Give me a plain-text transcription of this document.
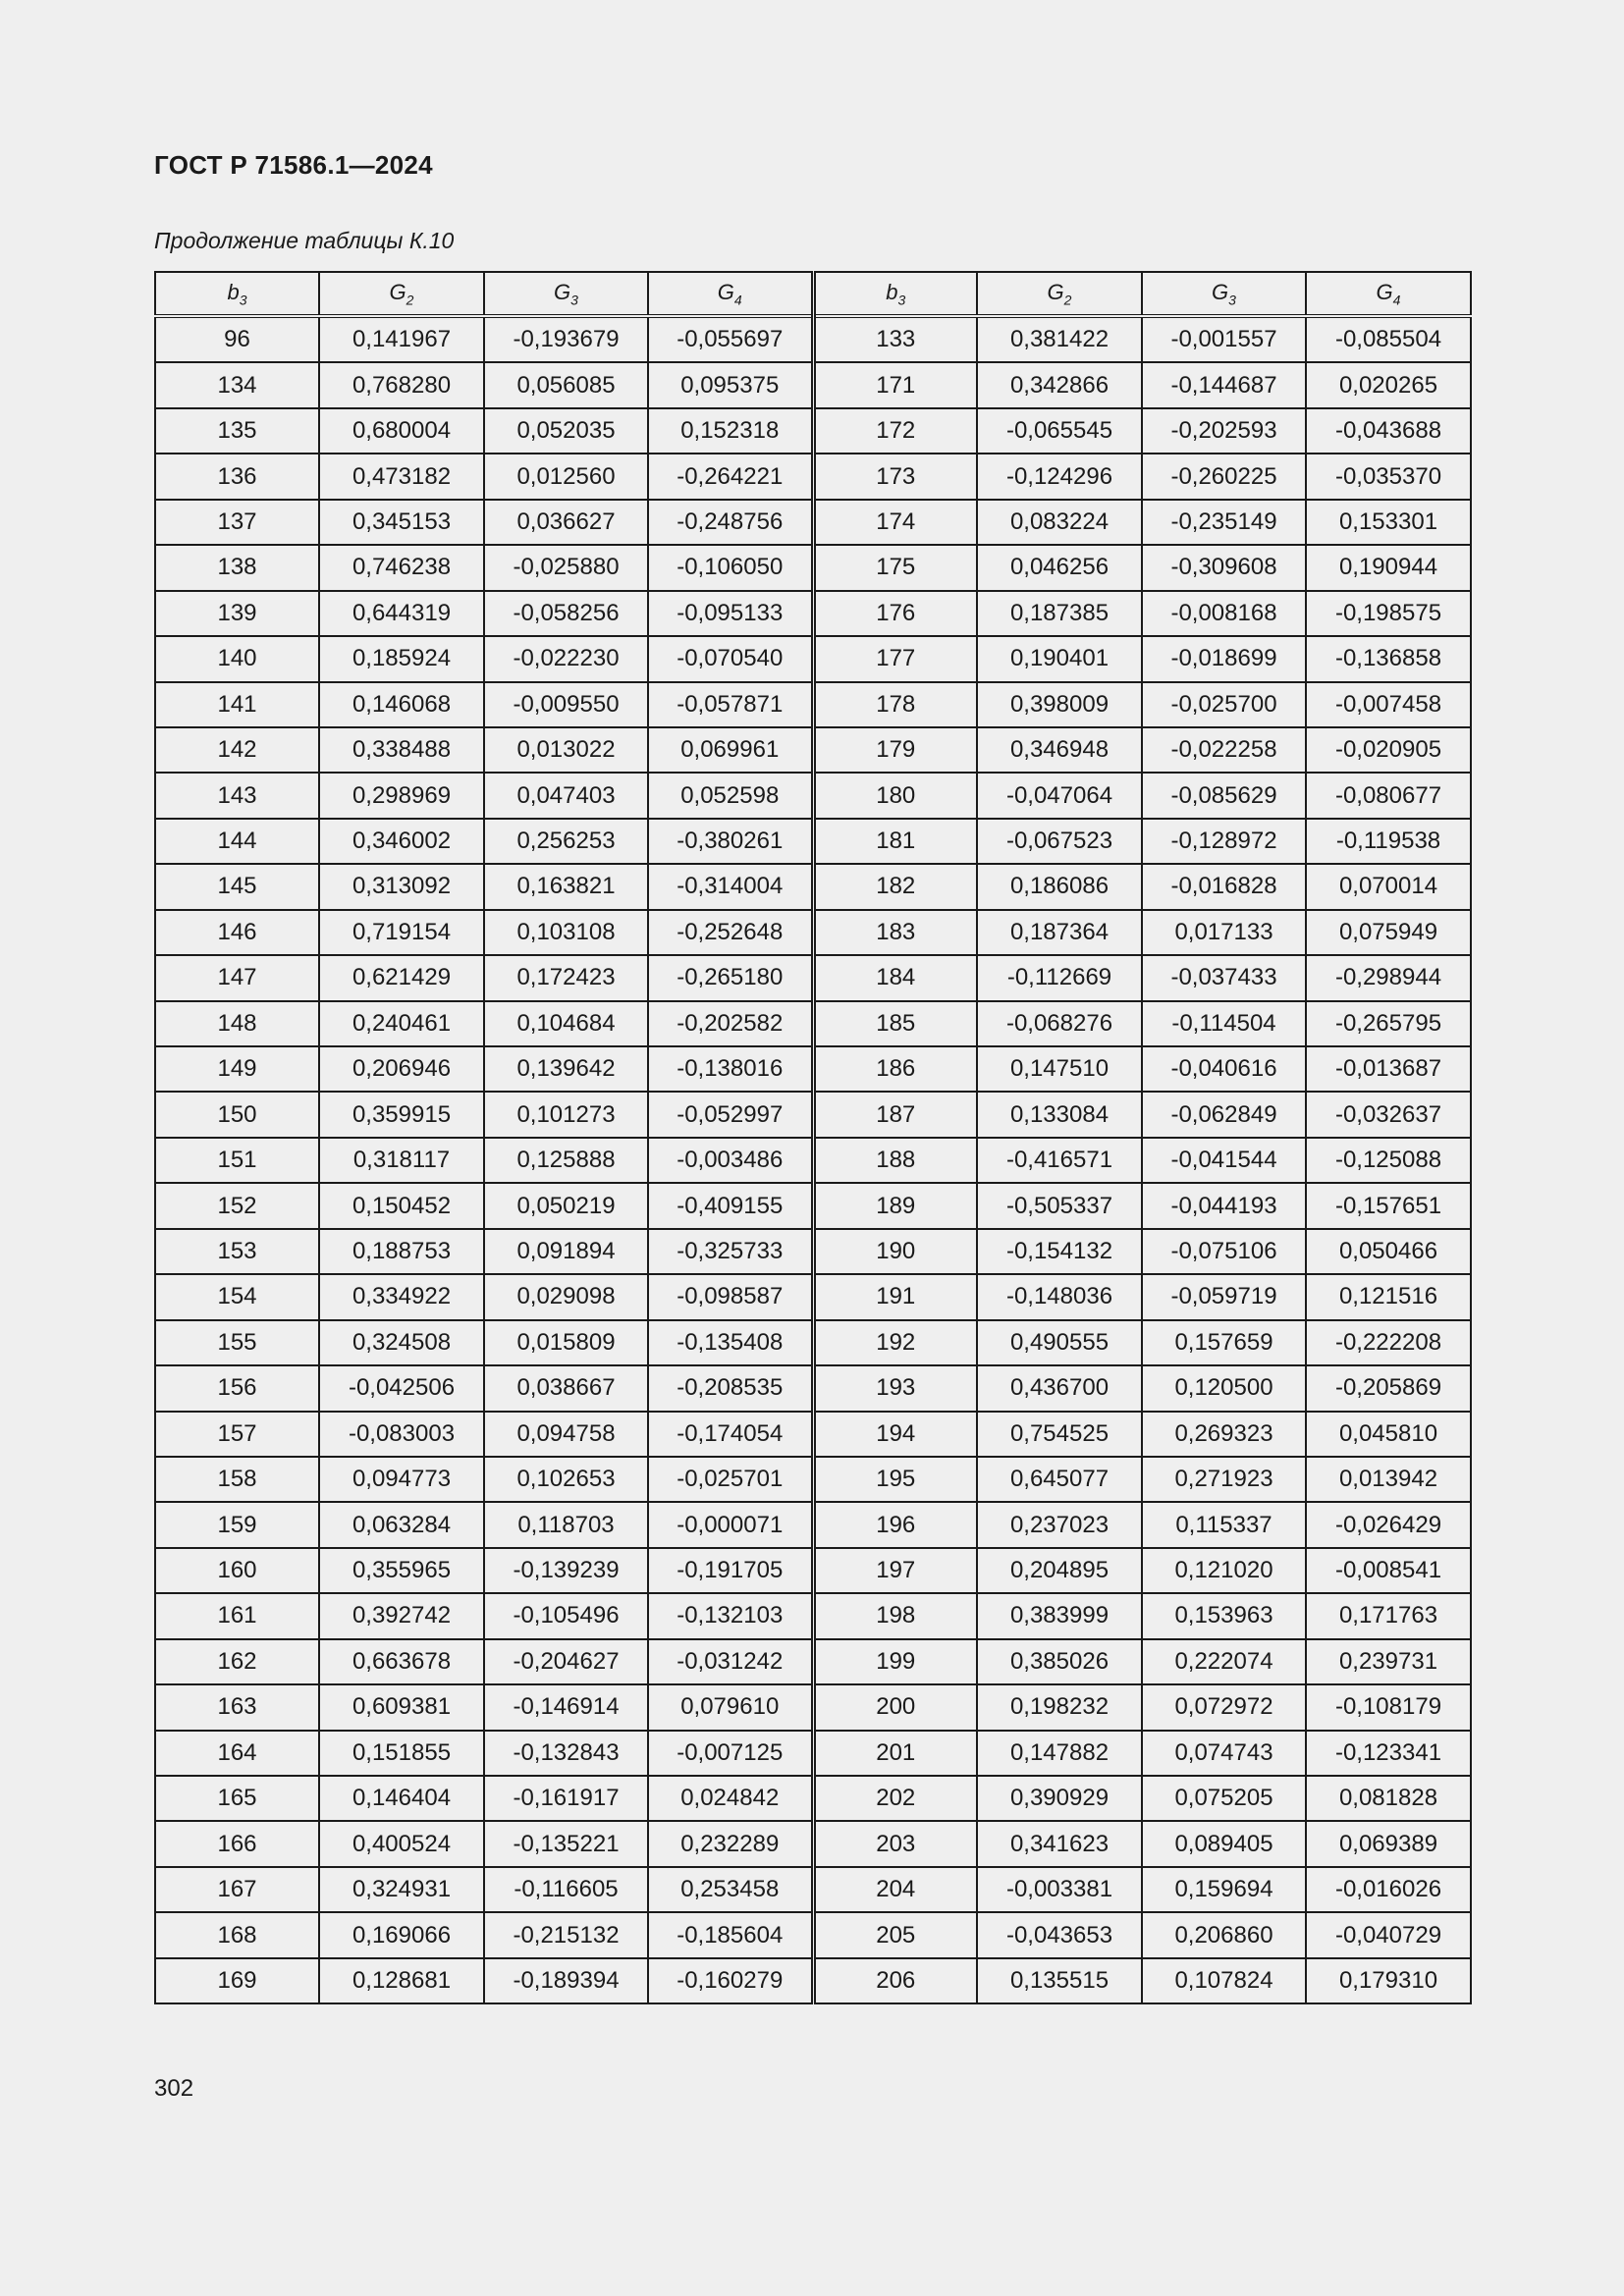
ГОСТ Р 71586.1—2024
Продолжение таблицы К.10
$b_3$	$G_2$	$G_3$	$G_4$	$b_3$	$G_2$	$G_3$	$G_4$
96	0,141967	-0,193679	-0,055697	133	0,381422	-0,001557	-0,085504
134	0,768280	0,056085	0,095375	171	0,342866	-0,144687	0,020265
135	0,680004	0,052035	0,152318	172	-0,065545	-0,202593	-0,043688
136	0,473182	0,012560	-0,264221	173	-0,124296	-0,260225	-0,035370
137	0,345153	0,036627	-0,248756	174	0,083224	-0,235149	0,153301
138	0,746238	-0,025880	-0,106050	175	0,046256	-0,309608	0,190944
139	0,644319	-0,058256	-0,095133	176	0,187385	-0,008168	-0,198575
140	0,185924	-0,022230	-0,070540	177	0,190401	-0,018699	-0,136858
141	0,146068	-0,009550	-0,057871	178	0,398009	-0,025700	-0,007458
142	0,338488	0,013022	0,069961	179	0,346948	-0,022258	-0,020905
143	0,298969	0,047403	0,052598	180	-0,047064	-0,085629	-0,080677
144	0,346002	0,256253	-0,380261	181	-0,067523	-0,128972	-0,119538
145	0,313092	0,163821	-0,314004	182	0,186086	-0,016828	0,070014
146	0,719154	0,103108	-0,252648	183	0,187364	0,017133	0,075949
147	0,621429	0,172423	-0,265180	184	-0,112669	-0,037433	-0,298944
148	0,240461	0,104684	-0,202582	185	-0,068276	-0,114504	-0,265795
149	0,206946	0,139642	-0,138016	186	0,147510	-0,040616	-0,013687
150	0,359915	0,101273	-0,052997	187	0,133084	-0,062849	-0,032637
151	0,318117	0,125888	-0,003486	188	-0,416571	-0,041544	-0,125088
152	0,150452	0,050219	-0,409155	189	-0,505337	-0,044193	-0,157651
153	0,188753	0,091894	-0,325733	190	-0,154132	-0,075106	0,050466
154	0,334922	0,029098	-0,098587	191	-0,148036	-0,059719	0,121516
155	0,324508	0,015809	-0,135408	192	0,490555	0,157659	-0,222208
156	-0,042506	0,038667	-0,208535	193	0,436700	0,120500	-0,205869
157	-0,083003	0,094758	-0,174054	194	0,754525	0,269323	0,045810
158	0,094773	0,102653	-0,025701	195	0,645077	0,271923	0,013942
159	0,063284	0,118703	-0,000071	196	0,237023	0,115337	-0,026429
160	0,355965	-0,139239	-0,191705	197	0,204895	0,121020	-0,008541
161	0,392742	-0,105496	-0,132103	198	0,383999	0,153963	0,171763
162	0,663678	-0,204627	-0,031242	199	0,385026	0,222074	0,239731
163	0,609381	-0,146914	0,079610	200	0,198232	0,072972	-0,108179
164	0,151855	-0,132843	-0,007125	201	0,147882	0,074743	-0,123341
165	0,146404	-0,161917	0,024842	202	0,390929	0,075205	0,081828
166	0,400524	-0,135221	0,232289	203	0,341623	0,089405	0,069389
167	0,324931	-0,116605	0,253458	204	-0,003381	0,159694	-0,016026
168	0,169066	-0,215132	-0,185604	205	-0,043653	0,206860	-0,040729
169	0,128681	-0,189394	-0,160279	206	0,135515	0,107824	0,179310
302
